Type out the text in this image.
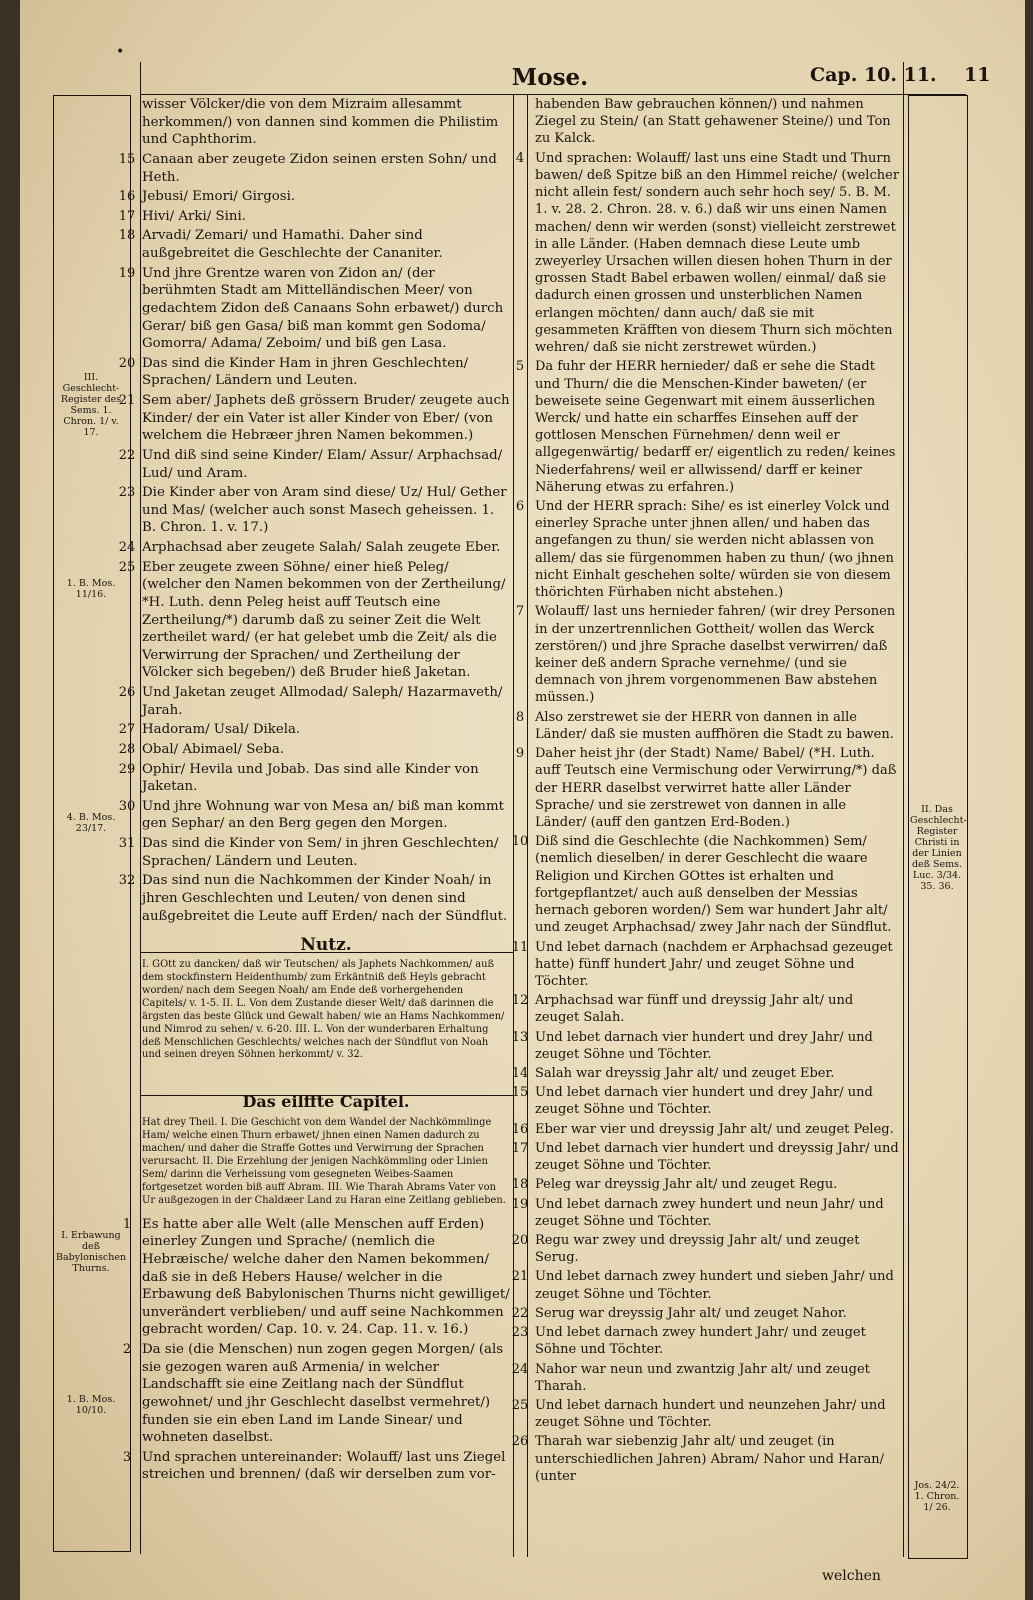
•
Mose.	Cap. 10. 11. 11
III. Geschlecht-Register des Sems. 1. Chron. 1/ v. 17.
1. B. Mos. 11/16.
4. B. Mos. 23/17.
I. Erbawung deß Babylonischen Thurns.
1. B. Mos. 10/10.
II. Das Geschlecht-Register Christi in der Linien deß Sems. Luc. 3/34. 35. 36.
Jos. 24/2. 1. Chron. 1/ 26.
wisser Völcker/die von dem Mizraim allesammt herkommen/) von dannen sind kommen die Philistim und Caphthorim.
15 Canaan aber zeugete Zidon seinen ersten Sohn/ und Heth.
16 Jebusi/ Emori/ Girgosi.
17 Hivi/ Arki/ Sini.
18 Arvadi/ Zemari/ und Hamathi. Daher sind außgebreitet die Geschlechte der Cananiter.
19 Und jhre Grentze waren von Zidon an/ (der berühmten Stadt am Mittelländischen Meer/ von gedachtem Zidon deß Canaans Sohn erbawet/) durch Gerar/ biß gen Gasa/ biß man kommt gen Sodoma/ Gomorra/ Adama/ Zeboim/ und biß gen Lasa.
20 Das sind die Kinder Ham in jhren Geschlechten/ Sprachen/ Ländern und Leuten.
21 Sem aber/ Japhets deß grössern Bruder/ zeugete auch Kinder/ der ein Vater ist aller Kinder von Eber/ (von welchem die Hebræer jhren Namen bekommen.)
22 Und diß sind seine Kinder/ Elam/ Assur/ Arphachsad/ Lud/ und Aram.
23 Die Kinder aber von Aram sind diese/ Uz/ Hul/ Gether und Mas/ (welcher auch sonst Masech geheissen. 1. B. Chron. 1. v. 17.)
24 Arphachsad aber zeugete Salah/ Salah zeugete Eber.
25 Eber zeugete zween Söhne/ einer hieß Peleg/ (welcher den Namen bekommen von der Zertheilung/ *H. Luth. denn Peleg heist auff Teutsch eine Zertheilung/*) darumb daß zu seiner Zeit die Welt zertheilet ward/ (er hat gelebet umb die Zeit/ als die Verwirrung der Sprachen/ und Zertheilung der Völcker sich begeben/) deß Bruder hieß Jaketan.
26 Und Jaketan zeuget Allmodad/ Saleph/ Hazarmaveth/ Jarah.
27 Hadoram/ Usal/ Dikela.
28 Obal/ Abimael/ Seba.
29 Ophir/ Hevila und Jobab. Das sind alle Kinder von Jaketan.
30 Und jhre Wohnung war von Mesa an/ biß man kommt gen Sephar/ an den Berg gegen den Morgen.
31 Das sind die Kinder von Sem/ in jhren Geschlechten/ Sprachen/ Ländern und Leuten.
32 Das sind nun die Nachkommen der Kinder Noah/ in jhren Geschlechten und Leuten/ von denen sind außgebreitet die Leute auff Erden/ nach der Sündflut.
Nutz.
I. GOtt zu dancken/ daß wir Teutschen/ als Japhets Nachkommen/ auß dem stockfinstern Heidenthumb/ zum Erkäntniß deß Heyls gebracht worden/ nach dem Seegen Noah/ am Ende deß vorhergehenden Capitels/ v. 1-5. II. L. Von dem Zustande dieser Welt/ daß darinnen die ärgsten das beste Glück und Gewalt haben/ wie an Hams Nachkommen/ und Nimrod zu sehen/ v. 6-20. III. L. Von der wunderbaren Erhaltung deß Menschlichen Geschlechts/ welches nach der Sündflut von Noah und seinen dreyen Söhnen herkommt/ v. 32.
Das eilffte Capitel.
Hat drey Theil. I. Die Geschicht von dem Wandel der Nachkömmlinge Ham/ welche einen Thurn erbawet/ jhnen einen Namen dadurch zu machen/ und daher die Straffe Gottes und Verwirrung der Sprachen verursacht. II. Die Erzehlung der jenigen Nachkömmling oder Linien Sem/ darinn die Verheissung vom gesegneten Weibes-Saamen fortgesetzet worden biß auff Abram. III. Wie Tharah Abrams Vater von Ur außgezogen in der Chaldæer Land zu Haran eine Zeitlang geblieben.
1 Es hatte aber alle Welt (alle Menschen auff Erden) einerley Zungen und Sprache/ (nemlich die Hebræische/ welche daher den Namen bekommen/ daß sie in deß Hebers Hause/ welcher in die Erbawung deß Babylonischen Thurns nicht gewilliget/ unverändert verblieben/ und auff seine Nachkommen gebracht worden/ Cap. 10. v. 24. Cap. 11. v. 16.)
2 Da sie (die Menschen) nun zogen gegen Morgen/ (als sie gezogen waren auß Armenia/ in welcher Landschafft sie eine Zeitlang nach der Sündflut gewohnet/ und jhr Geschlecht daselbst vermehret/) funden sie ein eben Land im Lande Sinear/ und wohneten daselbst.
3 Und sprachen untereinander: Wolauff/ last uns Ziegel streichen und brennen/ (daß wir derselben zum vor-
habenden Baw gebrauchen können/) und nahmen Ziegel zu Stein/ (an Statt gehawener Steine/) und Ton zu Kalck.
4 Und sprachen: Wolauff/ last uns eine Stadt und Thurn bawen/ deß Spitze biß an den Himmel reiche/ (welcher nicht allein fest/ sondern auch sehr hoch sey/ 5. B. M. 1. v. 28. 2. Chron. 28. v. 6.) daß wir uns einen Namen machen/ denn wir werden (sonst) vielleicht zerstrewet in alle Länder. (Haben demnach diese Leute umb zweyerley Ursachen willen diesen hohen Thurn in der grossen Stadt Babel erbawen wollen/ einmal/ daß sie dadurch einen grossen und unsterblichen Namen erlangen möchten/ dann auch/ daß sie mit gesammeten Kräfften von diesem Thurn sich möchten wehren/ daß sie nicht zerstrewet würden.)
5 Da fuhr der HERR hernieder/ daß er sehe die Stadt und Thurn/ die die Menschen-Kinder baweten/ (er beweisete seine Gegenwart mit einem äusserlichen Werck/ und hatte ein scharffes Einsehen auff der gottlosen Menschen Fürnehmen/ denn weil er allgegenwärtig/ bedarff er/ eigentlich zu reden/ keines Niederfahrens/ weil er allwissend/ darff er keiner Näherung etwas zu erfahren.)
6 Und der HERR sprach: Sihe/ es ist einerley Volck und einerley Sprache unter jhnen allen/ und haben das angefangen zu thun/ sie werden nicht ablassen von allem/ das sie fürgenommen haben zu thun/ (wo jhnen nicht Einhalt geschehen solte/ würden sie von diesem thörichten Fürhaben nicht abstehen.)
7 Wolauff/ last uns hernieder fahren/ (wir drey Personen in der unzertrennlichen Gottheit/ wollen das Werck zerstören/) und jhre Sprache daselbst verwirren/ daß keiner deß andern Sprache vernehme/ (und sie demnach von jhrem vorgenommenen Baw abstehen müssen.)
8 Also zerstrewet sie der HERR von dannen in alle Länder/ daß sie musten auffhören die Stadt zu bawen.
9 Daher heist jhr (der Stadt) Name/ Babel/ (*H. Luth. auff Teutsch eine Vermischung oder Verwirrung/*) daß der HERR daselbst verwirret hatte aller Länder Sprache/ und sie zerstrewet von dannen in alle Länder/ (auff den gantzen Erd-Boden.)
10 Diß sind die Geschlechte (die Nachkommen) Sem/ (nemlich dieselben/ in derer Geschlecht die waare Religion und Kirchen GOttes ist erhalten und fortgepflantzet/ auch auß denselben der Messias hernach geboren worden/) Sem war hundert Jahr alt/ und zeuget Arphachsad/ zwey Jahr nach der Sündflut.
11 Und lebet darnach (nachdem er Arphachsad gezeuget hatte) fünff hundert Jahr/ und zeuget Söhne und Töchter.
12 Arphachsad war fünff und dreyssig Jahr alt/ und zeuget Salah.
13 Und lebet darnach vier hundert und drey Jahr/ und zeuget Söhne und Töchter.
14 Salah war dreyssig Jahr alt/ und zeuget Eber.
15 Und lebet darnach vier hundert und drey Jahr/ und zeuget Söhne und Töchter.
16 Eber war vier und dreyssig Jahr alt/ und zeuget Peleg.
17 Und lebet darnach vier hundert und dreyssig Jahr/ und zeuget Söhne und Töchter.
18 Peleg war dreyssig Jahr alt/ und zeuget Regu.
19 Und lebet darnach zwey hundert und neun Jahr/ und zeuget Söhne und Töchter.
20 Regu war zwey und dreyssig Jahr alt/ und zeuget Serug.
21 Und lebet darnach zwey hundert und sieben Jahr/ und zeuget Söhne und Töchter.
22 Serug war dreyssig Jahr alt/ und zeuget Nahor.
23 Und lebet darnach zwey hundert Jahr/ und zeuget Söhne und Töchter.
24 Nahor war neun und zwantzig Jahr alt/ und zeuget Tharah.
25 Und lebet darnach hundert und neunzehen Jahr/ und zeuget Söhne und Töchter.
26 Tharah war siebenzig Jahr alt/ und zeuget (in unterschiedlichen Jahren) Abram/ Nahor und Haran/ (unter
welchen
